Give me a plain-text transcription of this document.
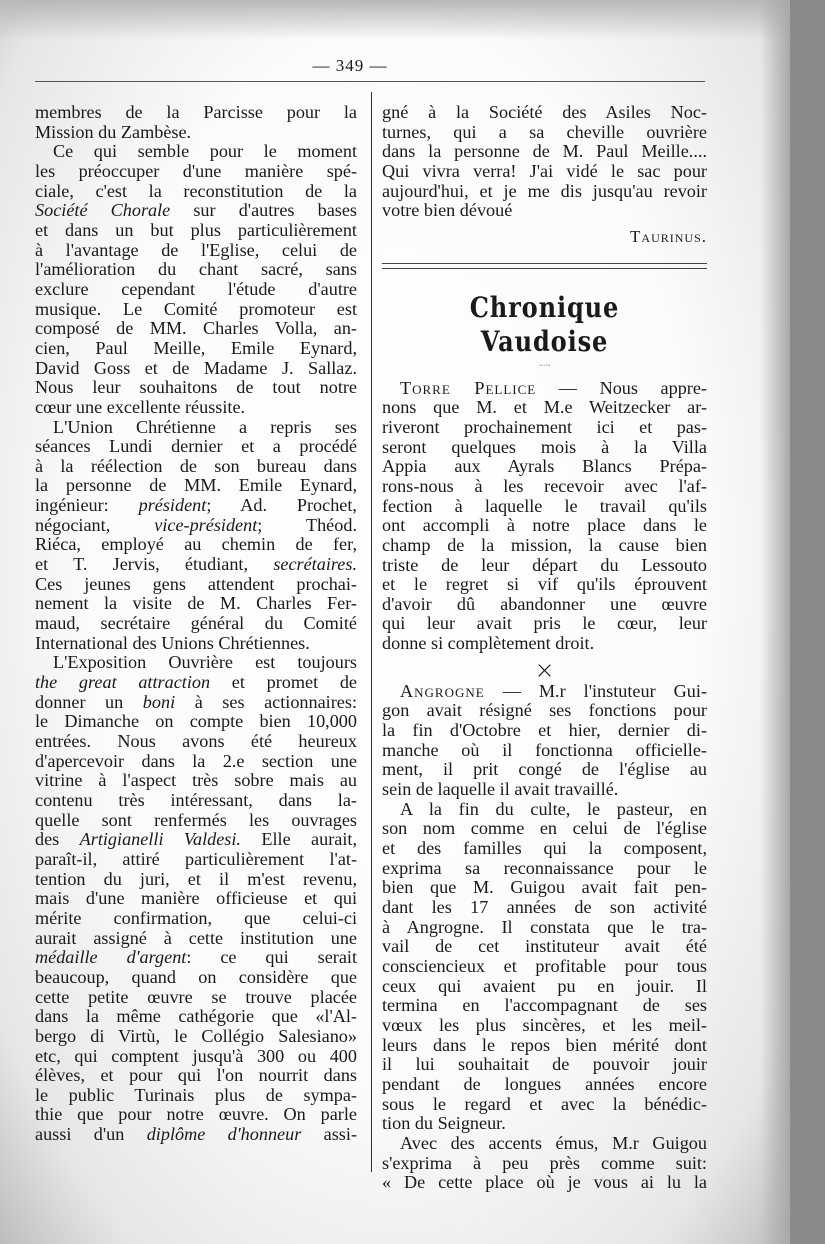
— 349 —

membres de la Parcisse pour la
Mission du Zambèse.

Ce qui semble pour le moment
les préoccuper d'une manière spé-
ciale, c'est la reconstitution de la
Société Chorale sur d'autres bases
et dans un but plus particulièrement
à l'avantage de l'Eglise, celui de
l'amélioration du chant sacré, sans
exclure cependant l'étude d'autre
musique. Le Comité promoteur est
composé de MM. Charles Volla, an-
cien, Paul Meille, Emile Eynard,
David Goss et de Madame J. Sallaz.
Nous leur souhaitons de tout notre
cœur une excellente réussite.

L'Union Chrétienne a repris ses
séances Lundi dernier et a procédé
à la réélection de son bureau dans
la personne de MM. Emile Eynard,
ingénieur: président; Ad. Prochet,
négociant, vice-président; Théod.
Riéca, employé au chemin de fer,
et T. Jervis, étudiant, secrétaires.
Ces jeunes gens attendent prochai-
nement la visite de M. Charles Fer-
maud, secrétaire général du Comité
International des Unions Chrétiennes.

L'Exposition Ouvrière est toujours
the great attraction et promet de
donner un boni à ses actionnaires:
le Dimanche on compte bien 10,000
entrées. Nous avons été heureux
d'apercevoir dans la 2.e section une
vitrine à l'aspect très sobre mais au
contenu très intéressant, dans la-
quelle sont renfermés les ouvrages
des Artigianelli Valdesi. Elle aurait,
paraît-il, attiré particulièrement l'at-
tention du juri, et il m'est revenu,
mais d'une manière officieuse et qui
mérite confirmation, que celui-ci
aurait assigné à cette institution une
médaille d'argent: ce qui serait
beaucoup, quand on considère que
cette petite œuvre se trouve placée
dans la même cathégorie que «l'Al-
bergo di Virtù, le Collégio Salesiano»
etc, qui comptent jusqu'à 300 ou 400
élèves, et pour qui l'on nourrit dans
le public Turinais plus de sympa-
thie que pour notre œuvre. On parle
aussi d'un diplôme d'honneur assi-

gné à la Société des Asiles Noc-
turnes, qui a sa cheville ouvrière
dans la personne de M. Paul Meille....
Qui vivra verra! J'ai vidé le sac pour
aujourd'hui, et je me dis jusqu'au revoir
votre bien dévoué

Taurinus.
Chronique Vaudoise
~·~

Torre Pellice — Nous appre-
nons que M. et M.e Weitzecker ar-
riveront prochainement ici et pas-
seront quelques mois à la Villa
Appia aux Ayrals Blancs Prépa-
rons-nous à les recevoir avec l'af-
fection à laquelle le travail qu'ils
ont accompli à notre place dans le
champ de la mission, la cause bien
triste de leur départ du Lessouto
et le regret si vif qu'ils éprouvent
d'avoir dû abandonner une œuvre
qui leur avait pris le cœur, leur
donne si complètement droit.

×

Angrogne — M.r l'instuteur Gui-
gon avait résigné ses fonctions pour
la fin d'Octobre et hier, dernier di-
manche où il fonctionna officielle-
ment, il prit congé de l'église au
sein de laquelle il avait travaillé.

A la fin du culte, le pasteur, en
son nom comme en celui de l'église
et des familles qui la composent,
exprima sa reconnaissance pour le
bien que M. Guigou avait fait pen-
dant les 17 années de son activité
à Angrogne. Il constata que le tra-
vail de cet instituteur avait été
consciencieux et profitable pour tous
ceux qui avaient pu en jouir. Il
termina en l'accompagnant de ses
vœux les plus sincères, et les meil-
leurs dans le repos bien mérité dont
il lui souhaitait de pouvoir jouir
pendant de longues années encore
sous le regard et avec la bénédic-
tion du Seigneur.

Avec des accents émus, M.r Guigou
s'exprima à peu près comme suit:
« De cette place où je vous ai lu la
